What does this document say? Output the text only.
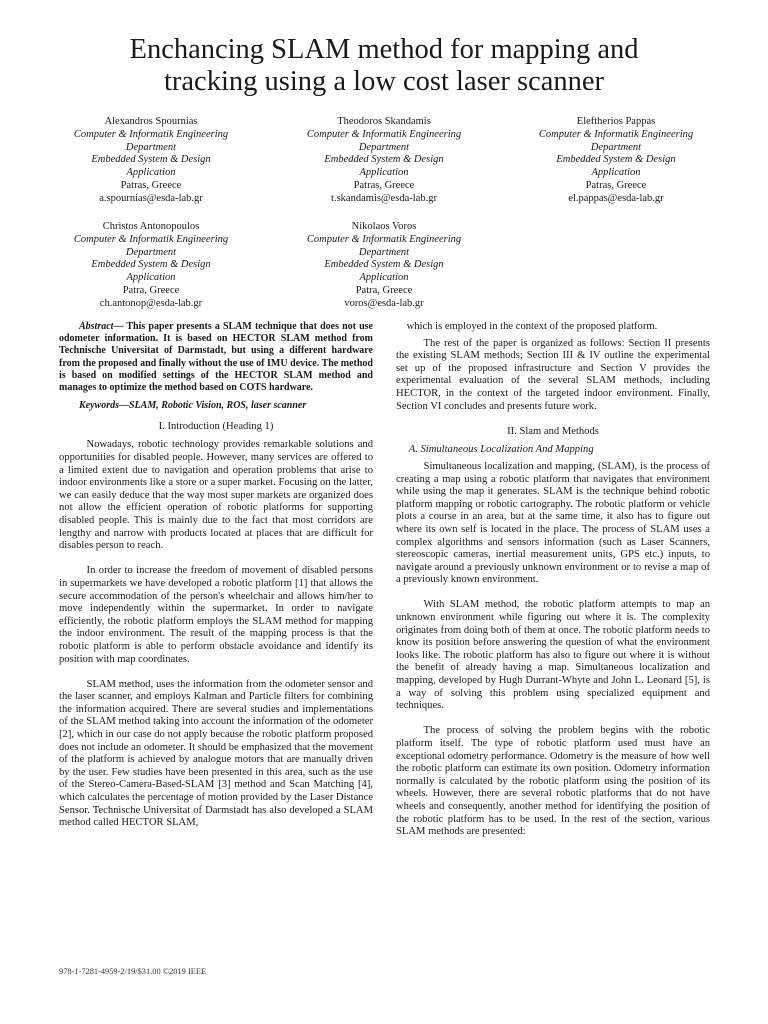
Enchancing SLAM method for mapping and
tracking using a low cost laser scanner
Alexandros Spournias
Computer & Informatik Engineering
Department
Embedded System & Design
Application
Patras, Greece
a.spournias@esda-lab.gr
Theodoros Skandamis
Computer & Informatik Engineering
Department
Embedded System & Design
Application
Patras, Greece
t.skandamis@esda-lab.gr
Eleftherios Pappas
Computer & Informatik Engineering
Department
Embedded System & Design
Application
Patras, Greece
el.pappas@esda-lab.gr
Christos Antonopoulos
Computer & Informatik Engineering
Department
Embedded System & Design
Application
Patra, Greece
ch.antonop@esda-lab.gr
Nikolaos Voros
Computer & Informatik Engineering
Department
Embedded System & Design
Application
Patra, Greece
voros@esda-lab.gr

Abstract— This paper presents a SLAM technique that does not use odometer information. It is based on HECTOR SLAM method from Technische Universitat of Darmstadt, but using a different hardware from the proposed and finally without the use of IMU device. The method is based on modified settings of the HECTOR SLAM method and manages to optimize the method based on COTS hardware.

Keywords—SLAM, Robotic Vision, ROS, laser scanner

I. Introduction (Heading 1)

Nowadays, robotic technology provides remarkable solutions and opportunities for disabled people. However, many services are offered to a limited extent due to navigation and operation problems that arise to indoor environments like a store or a super market. Focusing on the latter, we can easily deduce that the way most super markets are organized does not allow the efficient operation of robotic platforms for supporting disabled people. This is mainly due to the fact that most corridors are lengthy and narrow with products located at places that are difficult for disables person to reach.

In order to increase the freedom of movement of disabled persons in supermarkets we have developed a robotic platform [1] that allows the secure accommodation of the person's wheelchair and allows him/her to move independently within the supermarket. In order to navigate efficiently, the robotic platform employs the SLAM method for mapping the indoor environment. The result of the mapping process is that the robotic platform is able to perform obstacle avoidance and identify its position with map coordinates.

SLAM method, uses the information from the odometer sensor and the laser scanner, and employs Kalman and Particle filters for combining the information acquired. There are several studies and implementations of the SLAM method taking into account the information of the odometer [2], which in our case do not apply because the robotic platform proposed does not include an odometer. It should be emphasized that the movement of the platform is achieved by analogue motors that are manually driven by the user. Few studies have been presented in this area, such as the use of the Stereo-Camera-Based-SLAM [3] method and Scan Matching [4], which calculates the percentage of motion provided by the Laser Distance Sensor. Technische Universitat of Darmstadt has also developed a SLAM method called HECTOR SLAM,

which is employed in the context of the proposed platform.

The rest of the paper is organized as follows: Section II presents the existing SLAM methods; Section III & IV outline the experimental set up of the proposed infrastructure and Section V provides the experimental evaluation of the several SLAM methods, including HECTOR, in the context of the targeted indoor environment. Finally, Section VI concludes and presents future work.

II. Slam and Methods
A. Simultaneous Localization And Mapping

Simultaneous localization and mapping, (SLAM), is the process of creating a map using a robotic platform that navigates that environment while using the map it generates. SLAM is the technique behind robotic platform mapping or robotic cartography. The robotic platform or vehicle plots a course in an area, but at the same time, it also has to figure out where its own self is located in the place. The process of SLAM uses a complex algorithms and sensors information (such as Laser Scanners, stereoscopic cameras, inertial measurement units, GPS etc.) inputs, to navigate around a previously unknown environment or to revise a map of a previously known environment.

With SLAM method, the robotic platform attempts to map an unknown environment while figuring out where it is. The complexity originates from doing both of them at once. The robotic platform needs to know its position before answering the question of what the environment looks like. The robotic platform has also to figure out where it is without the benefit of already having a map. Simultaneous localization and mapping, developed by Hugh Durrant-Whyte and John L. Leonard [5], is a way of solving this problem using specialized equipment and techniques.

The process of solving the problem begins with the robotic platform itself. The type of robotic platform used must have an exceptional odometry performance. Odometry is the measure of how well the robotic platform can estimate its own position. Odometry information normally is calculated by the robotic platform using the position of its wheels. However, there are several robotic platforms that do not have wheels and consequently, another method for identifying the position of the robotic platform has to be used. In the rest of the section, various SLAM methods are presented:

978-1-7281-4959-2/19/$31.00 ©2019 IEEE
